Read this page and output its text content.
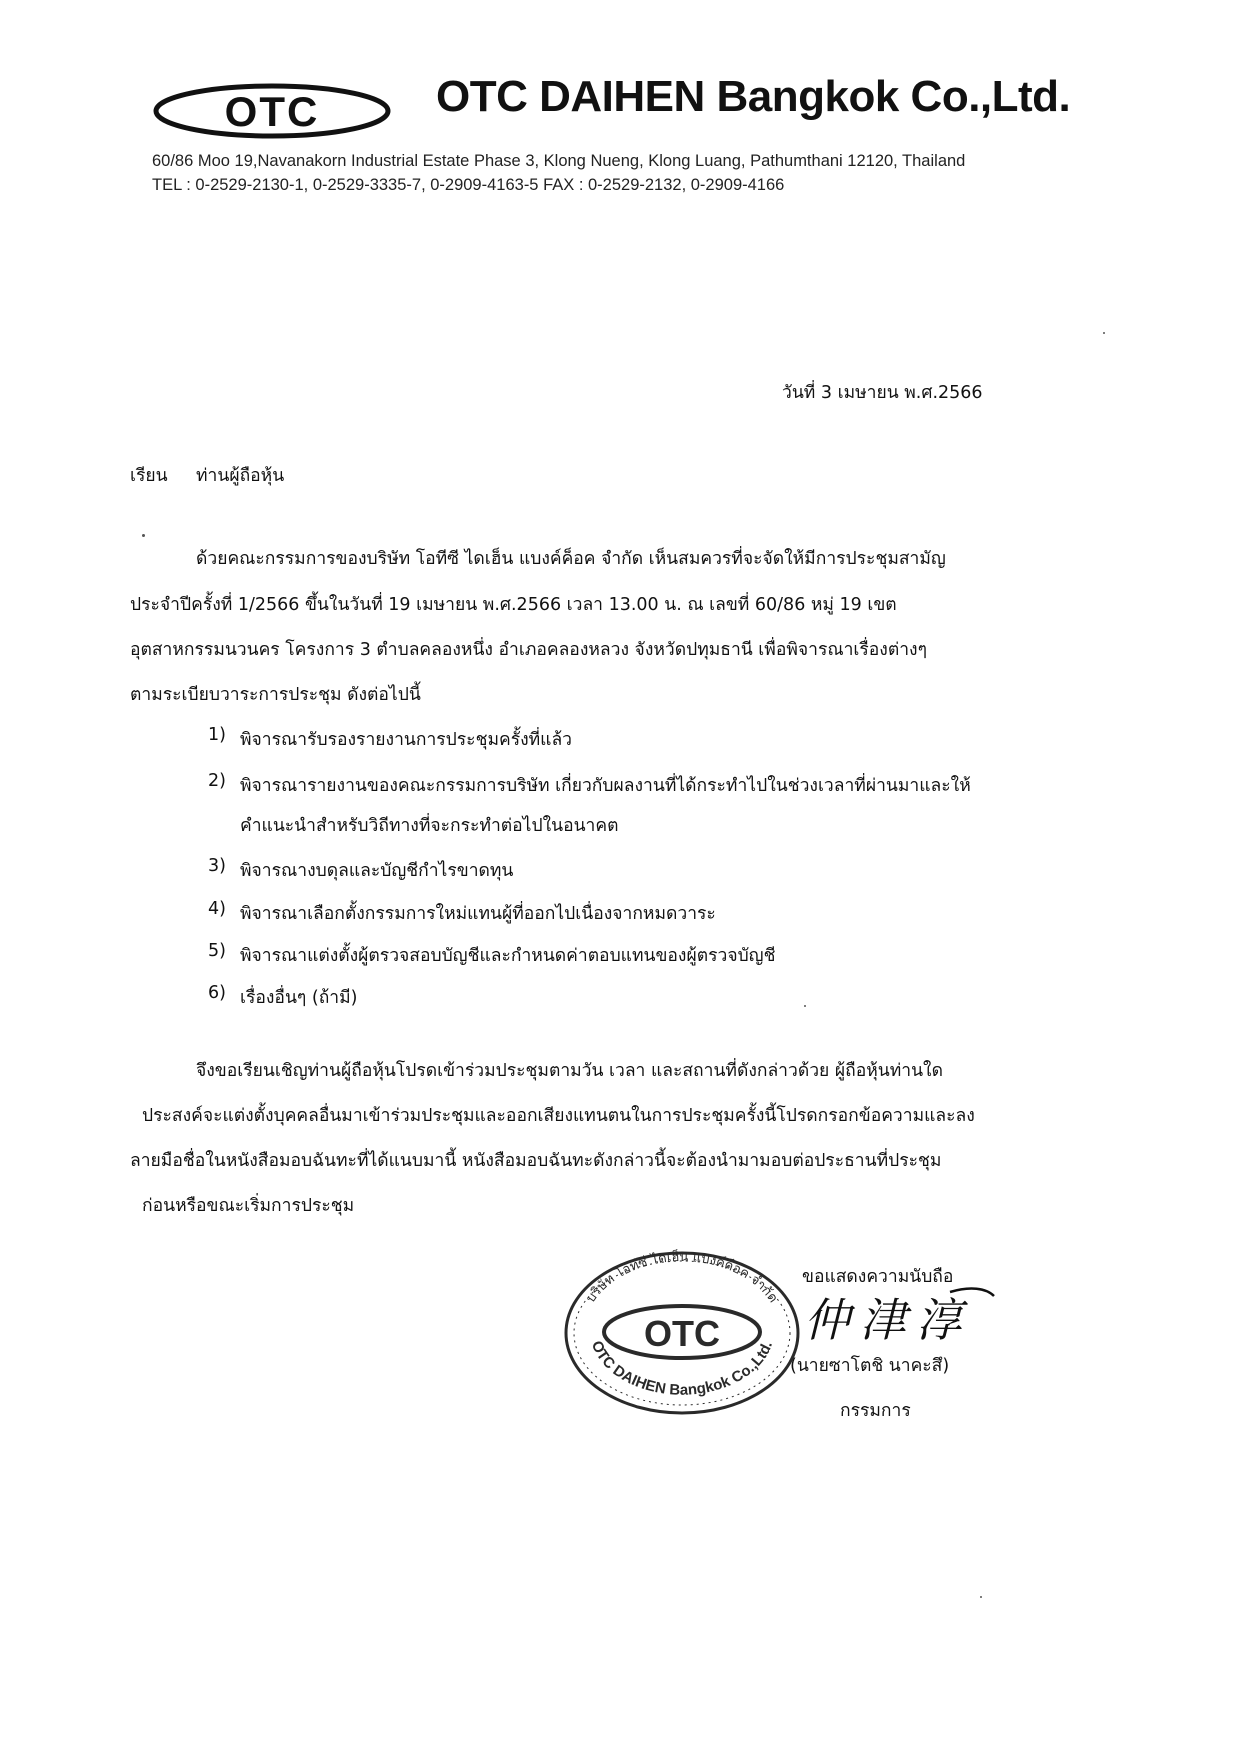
OTC	OTC DAIHEN Bangkok Co.,Ltd.
60/86 Moo 19,Navanakorn Industrial Estate Phase 3, Klong Nueng, Klong Luang, Pathumthani 12120, Thailand
TEL : 0-2529-2130-1, 0-2529-3335-7, 0-2909-4163-5 FAX : 0-2529-2132, 0-2909-4166
วันที่ 3 เมษายน พ.ศ.2566
เรียน ท่านผู้ถือหุ้น
ด้วยคณะกรรมการของบริษัท โอทีซี ไดเฮ็น แบงค์ค็อค จำกัด เห็นสมควรที่จะจัดให้มีการประชุมสามัญ
ประจำปีครั้งที่ 1/2566 ขึ้นในวันที่ 19 เมษายน พ.ศ.2566 เวลา 13.00 น. ณ เลขที่ 60/86 หมู่ 19 เขต
อุตสาหกรรมนวนคร โครงการ 3 ตำบลคลองหนึ่ง อำเภอคลองหลวง จังหวัดปทุมธานี เพื่อพิจารณาเรื่องต่างๆ
ตามระเบียบวาระการประชุม ดังต่อไปนี้
1) พิจารณารับรองรายงานการประชุมครั้งที่แล้ว
2) พิจารณารายงานของคณะกรรมการบริษัท เกี่ยวกับผลงานที่ได้กระทำไปในช่วงเวลาที่ผ่านมาและให้
คำแนะนำสำหรับวิถีทางที่จะกระทำต่อไปในอนาคต
3) พิจารณางบดุลและบัญชีกำไรขาดทุน
4) พิจารณาเลือกตั้งกรรมการใหม่แทนผู้ที่ออกไปเนื่องจากหมดวาระ
5) พิจารณาแต่งตั้งผู้ตรวจสอบบัญชีและกำหนดค่าตอบแทนของผู้ตรวจบัญชี
6) เรื่องอื่นๆ (ถ้ามี)
จึงขอเรียนเชิญท่านผู้ถือหุ้นโปรดเข้าร่วมประชุมตามวัน เวลา และสถานที่ดังกล่าวด้วย ผู้ถือหุ้นท่านใด
ประสงค์จะแต่งตั้งบุคคลอื่นมาเข้าร่วมประชุมและออกเสียงแทนตนในการประชุมครั้งนี้โปรดกรอกข้อความและลง
ลายมือชื่อในหนังสือมอบฉันทะที่ได้แนบมานี้ หนังสือมอบฉันทะดังกล่าวนี้จะต้องนำมามอบต่อประธานที่ประชุม
ก่อนหรือขณะเริ่มการประชุม
บริษัท โอทีซี ไดเฮ็น แบงค์ค็อค จำกัด
OTC DAIHEN Bangkok Co.,Ltd.
OTC
ขอแสดงความนับถือ
仲津淳
(นายซาโตชิ นาคะสึ)
กรรมการ
